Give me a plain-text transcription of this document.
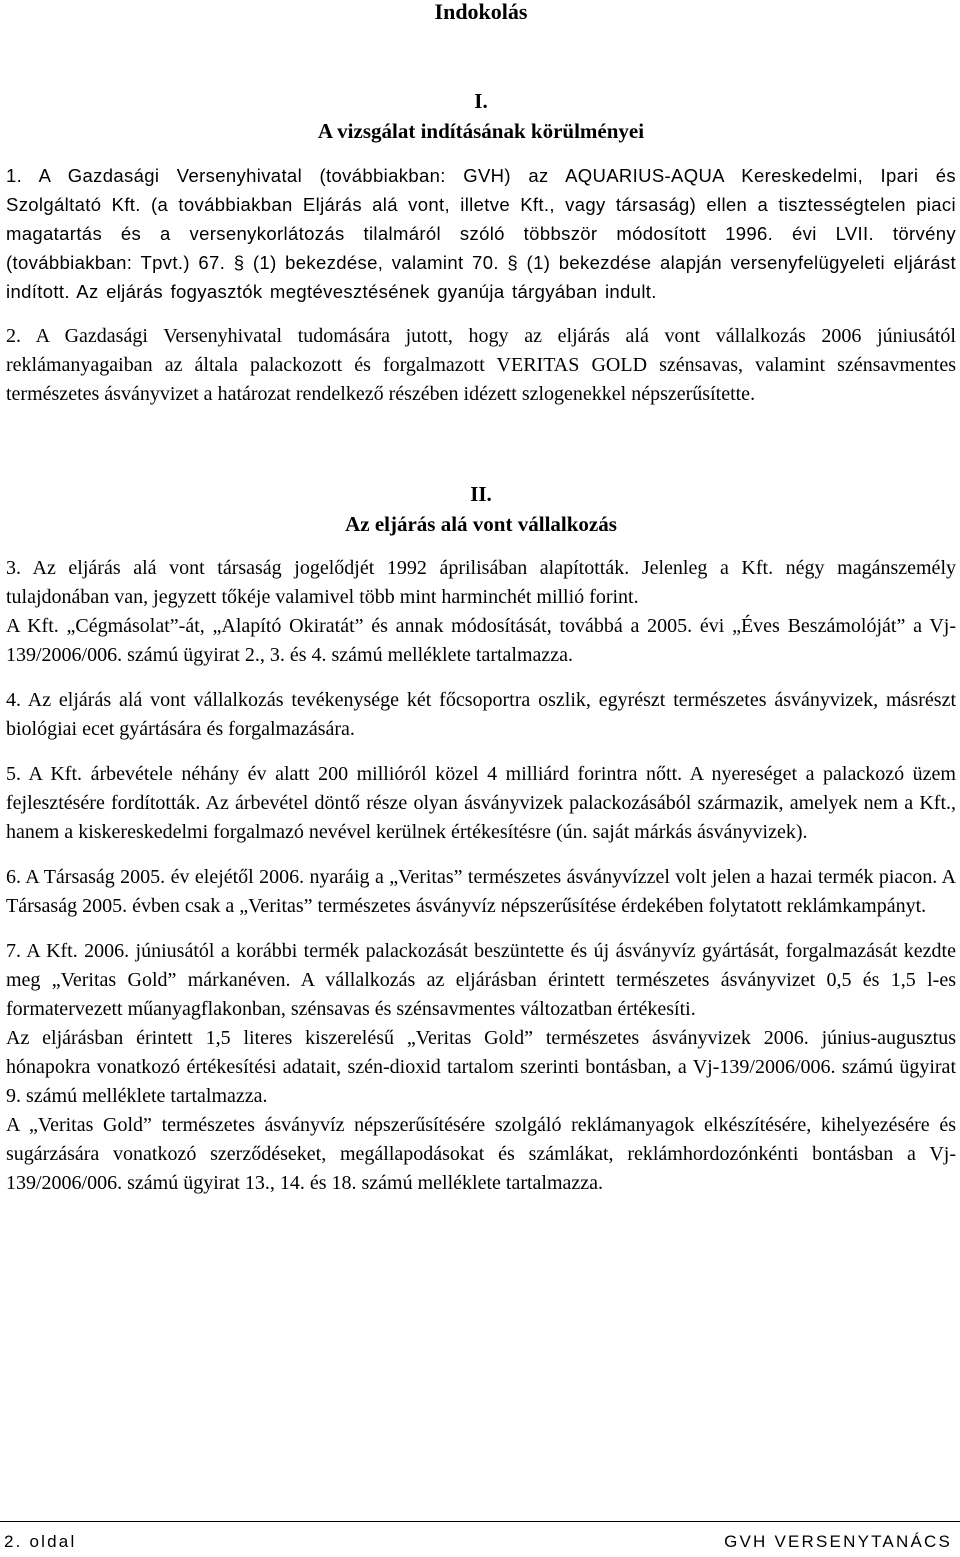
Indokolás
I.
A vizsgálat indításának körülményei

1. A Gazdasági Versenyhivatal (továbbiakban: GVH) az AQUARIUS-AQUA Kereskedelmi, Ipari és Szolgáltató Kft. (a továbbiakban Eljárás alá vont, illetve Kft., vagy társaság) ellen a tisztességtelen piaci magatartás és a versenykorlátozás tilalmáról szóló többször módosított 1996. évi LVII. törvény (továbbiakban: Tpvt.) 67. § (1) bekezdése, valamint 70. § (1) bekezdése alapján versenyfelügyeleti eljárást indított. Az eljárás fogyasztók megtévesztésének gyanúja tárgyában indult.

2. A Gazdasági Versenyhivatal tudomására jutott, hogy az eljárás alá vont vállalkozás 2006 júniusától reklámanyagaiban az általa palackozott és forgalmazott VERITAS GOLD szénsavas, valamint szénsavmentes természetes ásványvizet a határozat rendelkező részében idézett szlogenekkel népszerűsítette.

II.
Az eljárás alá vont vállalkozás

3. Az eljárás alá vont társaság jogelődjét 1992 áprilisában alapították. Jelenleg a Kft. négy magánszemély tulajdonában van, jegyzett tőkéje valamivel több mint harminchét millió forint.

A Kft. „Cégmásolat”-át, „Alapító Okiratát” és annak módosítását, továbbá a 2005. évi „Éves Beszámolóját” a Vj-139/2006/006. számú ügyirat 2., 3. és 4. számú melléklete tartalmazza.

4. Az eljárás alá vont vállalkozás tevékenysége két főcsoportra oszlik, egyrészt természetes ásványvizek, másrészt biológiai ecet gyártására és forgalmazására.

5. A Kft. árbevétele néhány év alatt 200 millióról közel 4 milliárd forintra nőtt. A nyereséget a palackozó üzem fejlesztésére fordították. Az árbevétel döntő része olyan ásványvizek palackozásából származik, amelyek nem a Kft., hanem a kiskereskedelmi forgalmazó nevével kerülnek értékesítésre (ún. saját márkás ásványvizek).

6. A Társaság 2005. év elejétől 2006. nyaráig a „Veritas” természetes ásványvízzel volt jelen a hazai termék piacon. A Társaság 2005. évben csak a „Veritas” természetes ásványvíz népszerűsítése érdekében folytatott reklámkampányt.

7. A Kft. 2006. júniusától a korábbi termék palackozását beszüntette és új ásványvíz gyártását, forgalmazását kezdte meg „Veritas Gold” márkanéven. A vállalkozás az eljárásban érintett természetes ásványvizet 0,5 és 1,5 l-es formatervezett műanyagflakonban, szénsavas és szénsavmentes változatban értékesíti.

Az eljárásban érintett 1,5 literes kiszerelésű „Veritas Gold” természetes ásványvizek 2006. június-augusztus hónapokra vonatkozó értékesítési adatait, szén-dioxid tartalom szerinti bontásban, a Vj-139/2006/006. számú ügyirat 9. számú melléklete tartalmazza.

A „Veritas Gold” természetes ásványvíz népszerűsítésére szolgáló reklámanyagok elkészítésére, kihelyezésére és sugárzására vonatkozó szerződéseket, megállapodásokat és számlákat, reklámhordozónkénti bontásban a Vj-139/2006/006. számú ügyirat 13., 14. és 18. számú melléklete tartalmazza.

2. oldal	GVH VERSENYTANÁCS
